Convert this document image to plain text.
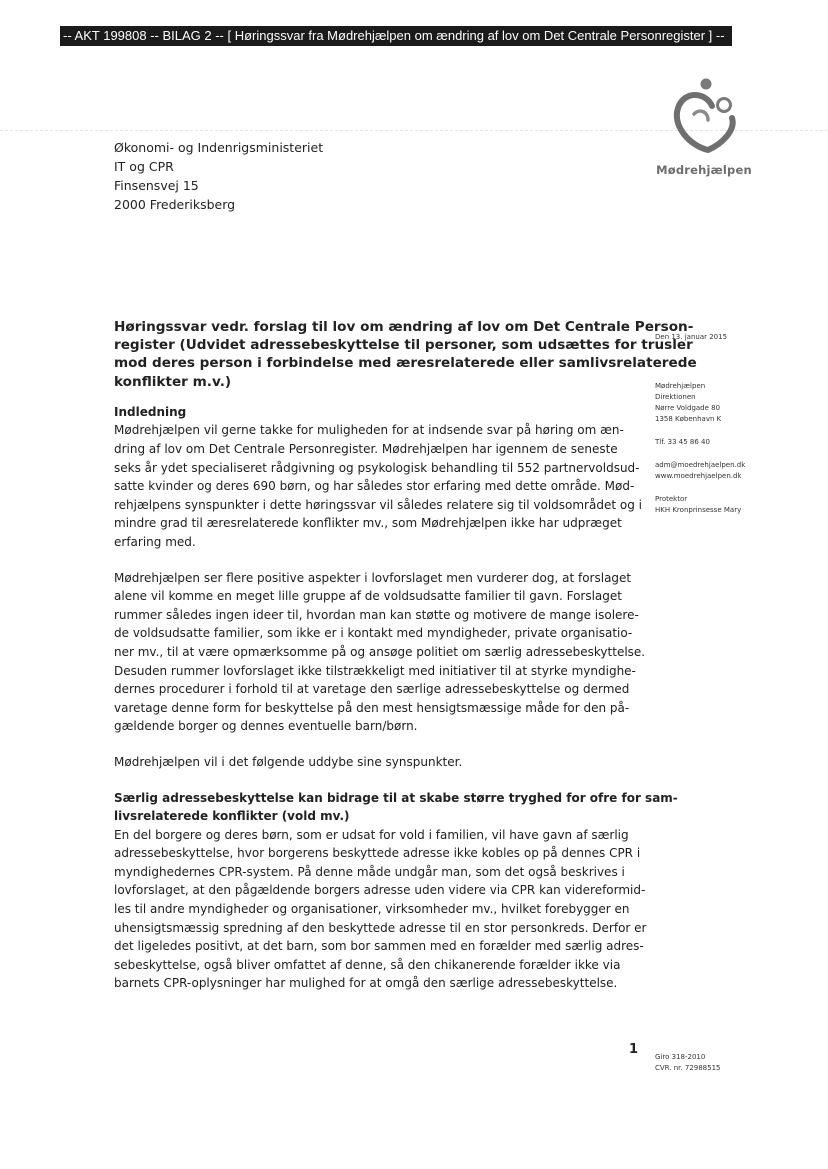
-- AKT 199808 -- BILAG 2 -- [ Høringssvar fra Mødrehjælpen om ændring af lov om Det Centrale Personregister ] --
Mødrehjælpen
Økonomi- og Indenrigsministeriet
IT og CPR
Finsensvej 15
2000 Frederiksberg
Den 13. januar 2015
Mødrehjælpen
Direktionen
Nørre Voldgade 80
1358 København K
Tlf. 33 45 86 40
adm@moedrehjaelpen.dk
www.moedrehjaelpen.dk
Protektor
HKH Kronprinsesse Mary
Høringssvar vedr. forslag til lov om ændring af lov om Det Centrale Person-
register (Udvidet adressebeskyttelse til personer, som udsættes for trusler
mod deres person i forbindelse med æresrelaterede eller samlivsrelaterede
konflikter m.v.)
Indledning
Mødrehjælpen vil gerne takke for muligheden for at indsende svar på høring om æn-
dring af lov om Det Centrale Personregister. Mødrehjælpen har igennem de seneste
seks år ydet specialiseret rådgivning og psykologisk behandling til 552 partnervoldsud-
satte kvinder og deres 690 børn, og har således stor erfaring med dette område. Mød-
rehjælpens synspunkter i dette høringssvar vil således relatere sig til voldsområdet og i
mindre grad til æresrelaterede konflikter mv., som Mødrehjælpen ikke har udpræget
erfaring med.
Mødrehjælpen ser flere positive aspekter i lovforslaget men vurderer dog, at forslaget
alene vil komme en meget lille gruppe af de voldsudsatte familier til gavn. Forslaget
rummer således ingen ideer til, hvordan man kan støtte og motivere de mange isolere-
de voldsudsatte familier, som ikke er i kontakt med myndigheder, private organisatio-
ner mv., til at være opmærksomme på og ansøge politiet om særlig adressebeskyttelse.
Desuden rummer lovforslaget ikke tilstrækkeligt med initiativer til at styrke myndighe-
dernes procedurer i forhold til at varetage den særlige adressebeskyttelse og dermed
varetage denne form for beskyttelse på den mest hensigtsmæssige måde for den på-
gældende borger og dennes eventuelle barn/børn.
Mødrehjælpen vil i det følgende uddybe sine synspunkter.
Særlig adressebeskyttelse kan bidrage til at skabe større tryghed for ofre for sam-
livsrelaterede konflikter (vold mv.)
En del borgere og deres børn, som er udsat for vold i familien, vil have gavn af særlig
adressebeskyttelse, hvor borgerens beskyttede adresse ikke kobles op på dennes CPR i
myndighedernes CPR-system. På denne måde undgår man, som det også beskrives i
lovforslaget, at den pågældende borgers adresse uden videre via CPR kan videreformid-
les til andre myndigheder og organisationer, virksomheder mv., hvilket forebygger en
uhensigtsmæssig spredning af den beskyttede adresse til en stor personkreds. Derfor er
det ligeledes positivt, at det barn, som bor sammen med en forælder med særlig adres-
sebeskyttelse, også bliver omfattet af denne, så den chikanerende forælder ikke via
barnets CPR-oplysninger har mulighed for at omgå den særlige adressebeskyttelse.
1 Giro 318-2010
CVR. nr. 72988515
